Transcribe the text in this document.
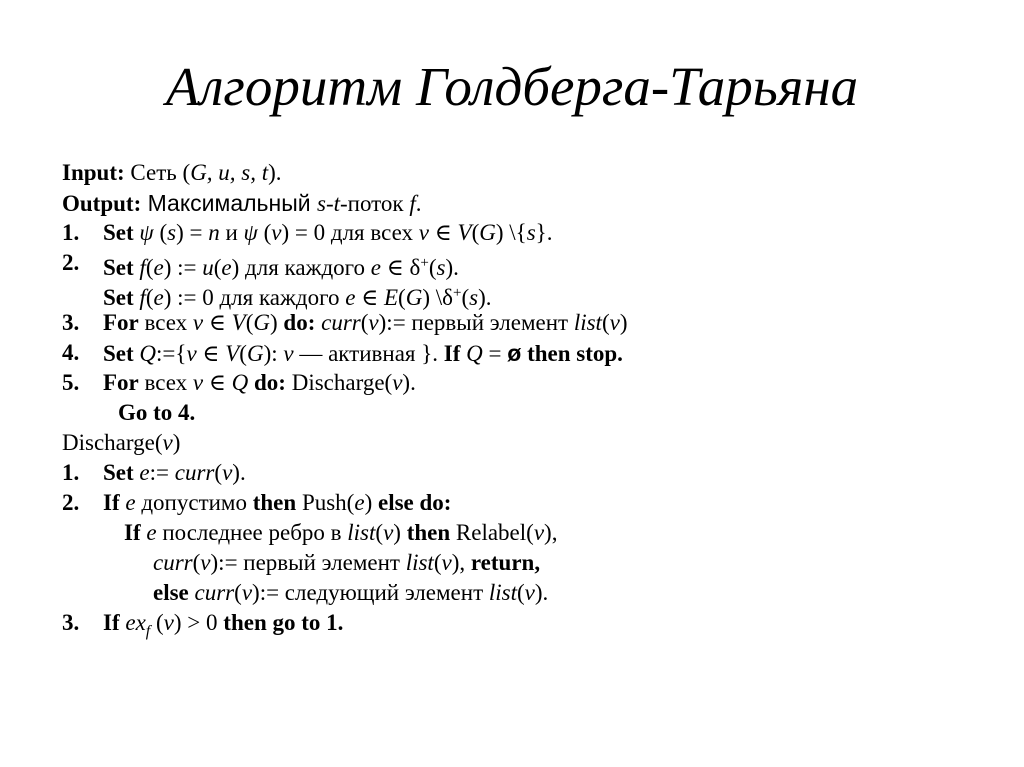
Алгоритм Голдберга-Тарьяна
Input: Сеть (G, u, s, t).
Output: Максимальный s-t-поток f.
1. Set ψ (s) = n и ψ (v) = 0 для всех v ∈ V(G) \{s}.
2. Set f(e) := u(e) для каждого e ∈ δ+(s).
Set f(e) := 0 для каждого e ∈ E(G) \δ+(s).
3. For всех v ∈ V(G) do: curr(v):= первый элемент list(v)
4. Set Q:={v ∈ V(G): v — активная }. If Q = ø then stop.
5. For всех v ∈ Q do: Discharge(v).
Go to 4.
Discharge(v)
1. Set e:= curr(v).
2. If e допустимо then Push(e) else do:
If e последнее ребро в list(v) then Relabel(v),
curr(v):= первый элемент list(v), return,
else curr(v):= следующий элемент list(v).
3. If $ex_f$ (v) > 0 then go to 1.
